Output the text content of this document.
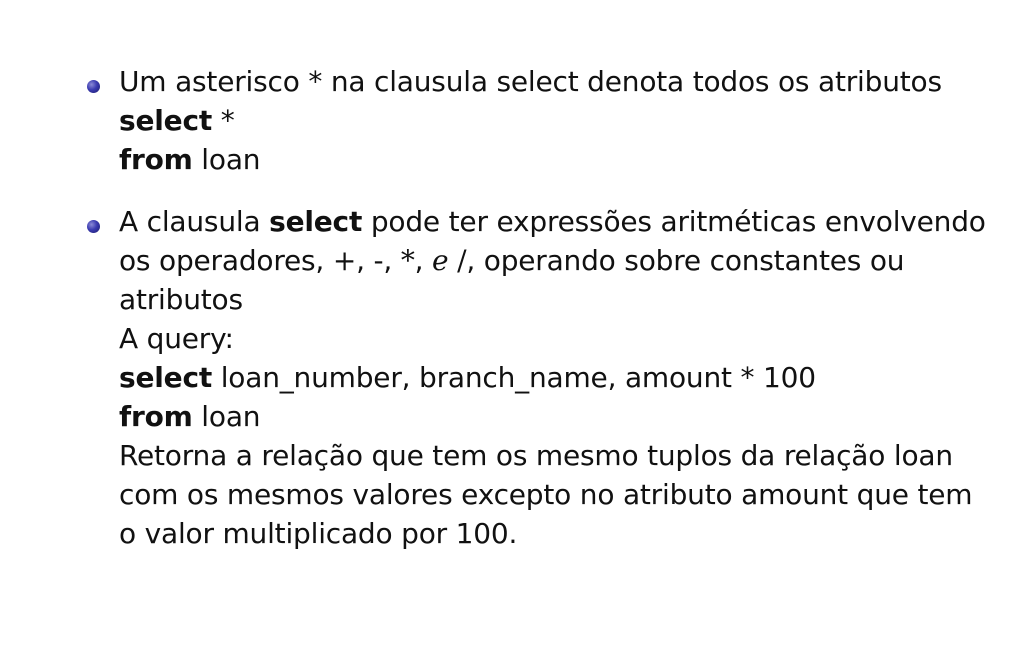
Um asterisco * na clausula select denota todos os atributos
select *
from loan
A clausula select pode ter expressões aritméticas envolvendo
os operadores, +, -, *, e /, operando sobre constantes ou
atributos
A query:
select loan_number, branch_name, amount * 100
from loan
Retorna a relação que tem os mesmo tuplos da relação loan
com os mesmos valores excepto no atributo amount que tem
o valor multiplicado por 100.
